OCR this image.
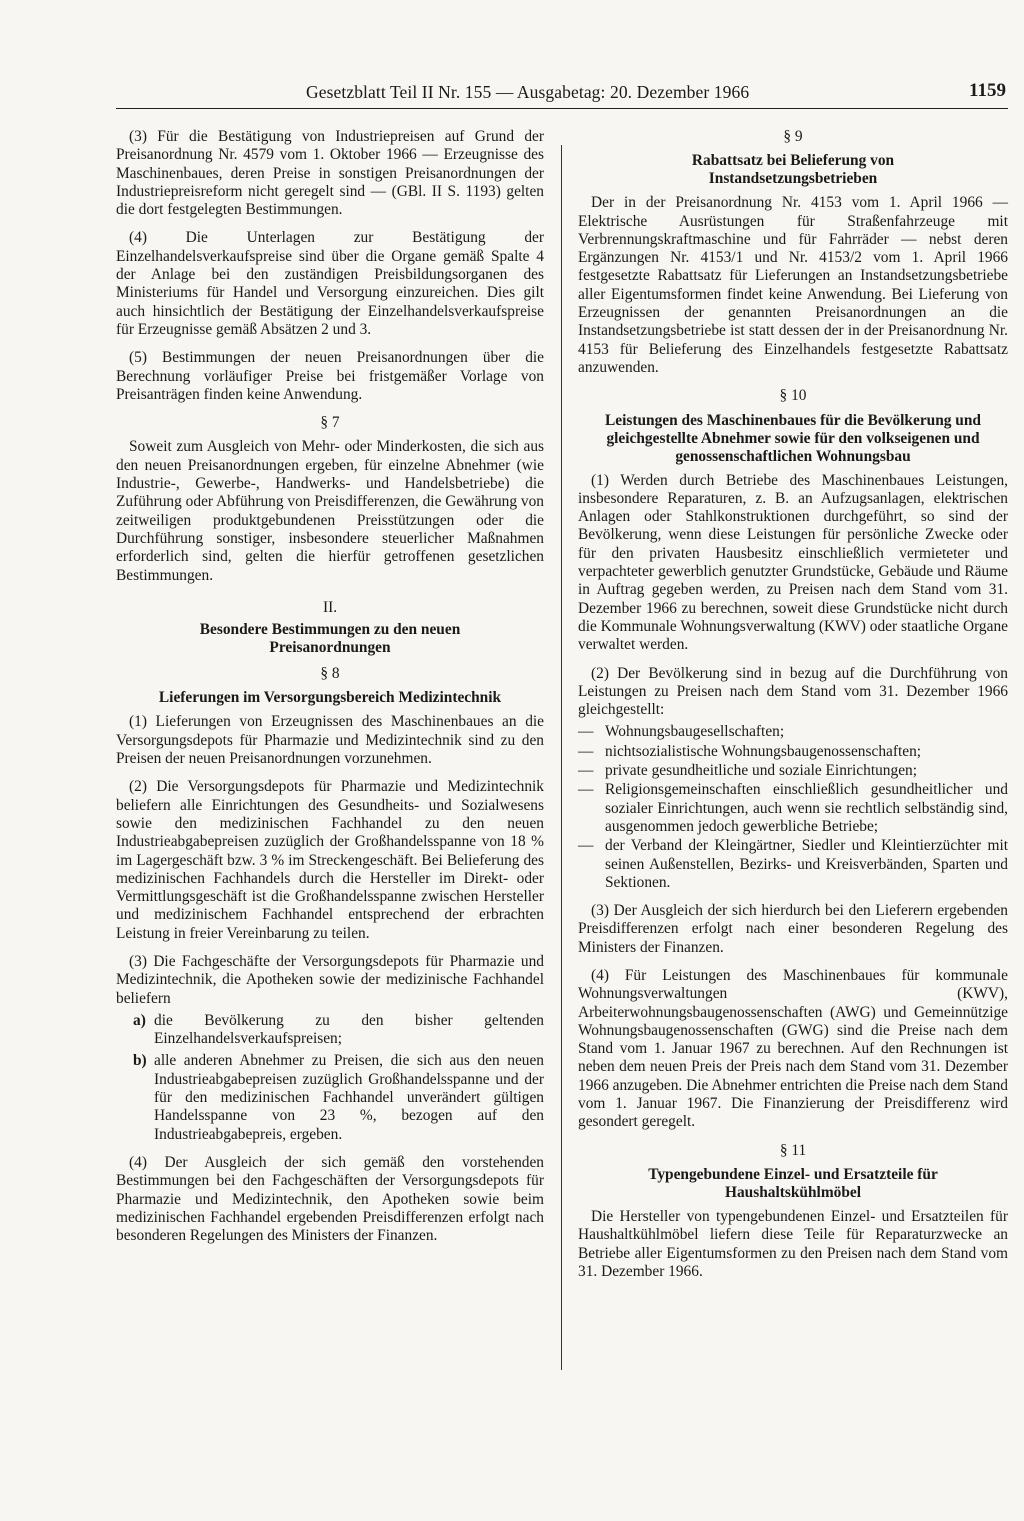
Gesetzblatt Teil II Nr. 155 — Ausgabetag: 20. Dezember 1966	1159

(3) Für die Bestätigung von Industriepreisen auf Grund der Preisanordnung Nr. 4579 vom 1. Oktober 1966 — Erzeugnisse des Maschinenbaues, deren Preise in sonstigen Preisanordnungen der Industriepreisreform nicht geregelt sind — (GBl. II S. 1193) gelten die dort festgelegten Bestimmungen.

(4) Die Unterlagen zur Bestätigung der Einzelhandelsverkaufspreise sind über die Organe gemäß Spalte 4 der Anlage bei den zuständigen Preisbildungsorganen des Ministeriums für Handel und Versorgung einzureichen. Dies gilt auch hinsichtlich der Bestätigung der Einzelhandelsverkaufspreise für Erzeugnisse gemäß Absätzen 2 und 3.

(5) Bestimmungen der neuen Preisanordnungen über die Berechnung vorläufiger Preise bei fristgemäßer Vorlage von Preisanträgen finden keine Anwendung.

§ 7

Soweit zum Ausgleich von Mehr- oder Minderkosten, die sich aus den neuen Preisanordnungen ergeben, für einzelne Abnehmer (wie Industrie-, Gewerbe-, Handwerks- und Handelsbetriebe) die Zuführung oder Abführung von Preisdifferenzen, die Gewährung von zeitweiligen produktgebundenen Preisstützungen oder die Durchführung sonstiger, insbesondere steuerlicher Maßnahmen erforderlich sind, gelten die hierfür getroffenen gesetzlichen Bestimmungen.

II.

Besondere Bestimmungen zu den neuen Preisanordnungen

§ 8

Lieferungen im Versorgungsbereich Medizintechnik

(1) Lieferungen von Erzeugnissen des Maschinenbaues an die Versorgungsdepots für Pharmazie und Medizintechnik sind zu den Preisen der neuen Preisanordnungen vorzunehmen.

(2) Die Versorgungsdepots für Pharmazie und Medizintechnik beliefern alle Einrichtungen des Gesundheits- und Sozialwesens sowie den medizinischen Fachhandel zu den neuen Industrieabgabepreisen zuzüglich der Großhandelsspanne von 18 % im Lagergeschäft bzw. 3 % im Streckengeschäft. Bei Belieferung des medizinischen Fachhandels durch die Hersteller im Direkt- oder Vermittlungsgeschäft ist die Großhandelsspanne zwischen Hersteller und medizinischem Fachhandel entsprechend der erbrachten Leistung in freier Vereinbarung zu teilen.

(3) Die Fachgeschäfte der Versorgungsdepots für Pharmazie und Medizintechnik, die Apotheken sowie der medizinische Fachhandel beliefern

a) die Bevölkerung zu den bisher geltenden Einzelhandelsverkaufspreisen;
b) alle anderen Abnehmer zu Preisen, die sich aus den neuen Industrieabgabepreisen zuzüglich Großhandelsspanne und der für den medizinischen Fachhandel unverändert gültigen Handelsspanne von 23 %, bezogen auf den Industrieabgabepreis, ergeben.

(4) Der Ausgleich der sich gemäß den vorstehenden Bestimmungen bei den Fachgeschäften der Versorgungsdepots für Pharmazie und Medizintechnik, den Apotheken sowie beim medizinischen Fachhandel ergebenden Preisdifferenzen erfolgt nach besonderen Regelungen des Ministers der Finanzen.

§ 9

Rabattsatz bei Belieferung von Instandsetzungsbetrieben

Der in der Preisanordnung Nr. 4153 vom 1. April 1966 — Elektrische Ausrüstungen für Straßenfahrzeuge mit Verbrennungskraftmaschine und für Fahrräder — nebst deren Ergänzungen Nr. 4153/1 und Nr. 4153/2 vom 1. April 1966 festgesetzte Rabattsatz für Lieferungen an Instandsetzungsbetriebe aller Eigentumsformen findet keine Anwendung. Bei Lieferung von Erzeugnissen der genannten Preisanordnungen an die Instandsetzungsbetriebe ist statt dessen der in der Preisanordnung Nr. 4153 für Belieferung des Einzelhandels festgesetzte Rabattsatz anzuwenden.

§ 10

Leistungen des Maschinenbaues für die Bevölkerung und gleichgestellte Abnehmer sowie für den volkseigenen und genossenschaftlichen Wohnungsbau

(1) Werden durch Betriebe des Maschinenbaues Leistungen, insbesondere Reparaturen, z. B. an Aufzugsanlagen, elektrischen Anlagen oder Stahlkonstruktionen durchgeführt, so sind der Bevölkerung, wenn diese Leistungen für persönliche Zwecke oder für den privaten Hausbesitz einschließlich vermieteter und verpachteter gewerblich genutzter Grundstücke, Gebäude und Räume in Auftrag gegeben werden, zu Preisen nach dem Stand vom 31. Dezember 1966 zu berechnen, soweit diese Grundstücke nicht durch die Kommunale Wohnungsverwaltung (KWV) oder staatliche Organe verwaltet werden.

(2) Der Bevölkerung sind in bezug auf die Durchführung von Leistungen zu Preisen nach dem Stand vom 31. Dezember 1966 gleichgestellt:

— Wohnungsbaugesellschaften;
— nichtsozialistische Wohnungsbaugenossenschaften;
— private gesundheitliche und soziale Einrichtungen;
— Religionsgemeinschaften einschließlich gesundheitlicher und sozialer Einrichtungen, auch wenn sie rechtlich selbständig sind, ausgenommen jedoch gewerbliche Betriebe;
— der Verband der Kleingärtner, Siedler und Kleintierzüchter mit seinen Außenstellen, Bezirks- und Kreisverbänden, Sparten und Sektionen.

(3) Der Ausgleich der sich hierdurch bei den Lieferern ergebenden Preisdifferenzen erfolgt nach einer besonderen Regelung des Ministers der Finanzen.

(4) Für Leistungen des Maschinenbaues für kommunale Wohnungsverwaltungen (KWV), Arbeiterwohnungsbaugenossenschaften (AWG) und Gemeinnützige Wohnungsbaugenossenschaften (GWG) sind die Preise nach dem Stand vom 1. Januar 1967 zu berechnen. Auf den Rechnungen ist neben dem neuen Preis der Preis nach dem Stand vom 31. Dezember 1966 anzugeben. Die Abnehmer entrichten die Preise nach dem Stand vom 1. Januar 1967. Die Finanzierung der Preisdifferenz wird gesondert geregelt.

§ 11

Typengebundene Einzel- und Ersatzteile für Haushaltskühlmöbel

Die Hersteller von typengebundenen Einzel- und Ersatzteilen für Haushaltkühlmöbel liefern diese Teile für Reparaturzwecke an Betriebe aller Eigentumsformen zu den Preisen nach dem Stand vom 31. Dezember 1966.
